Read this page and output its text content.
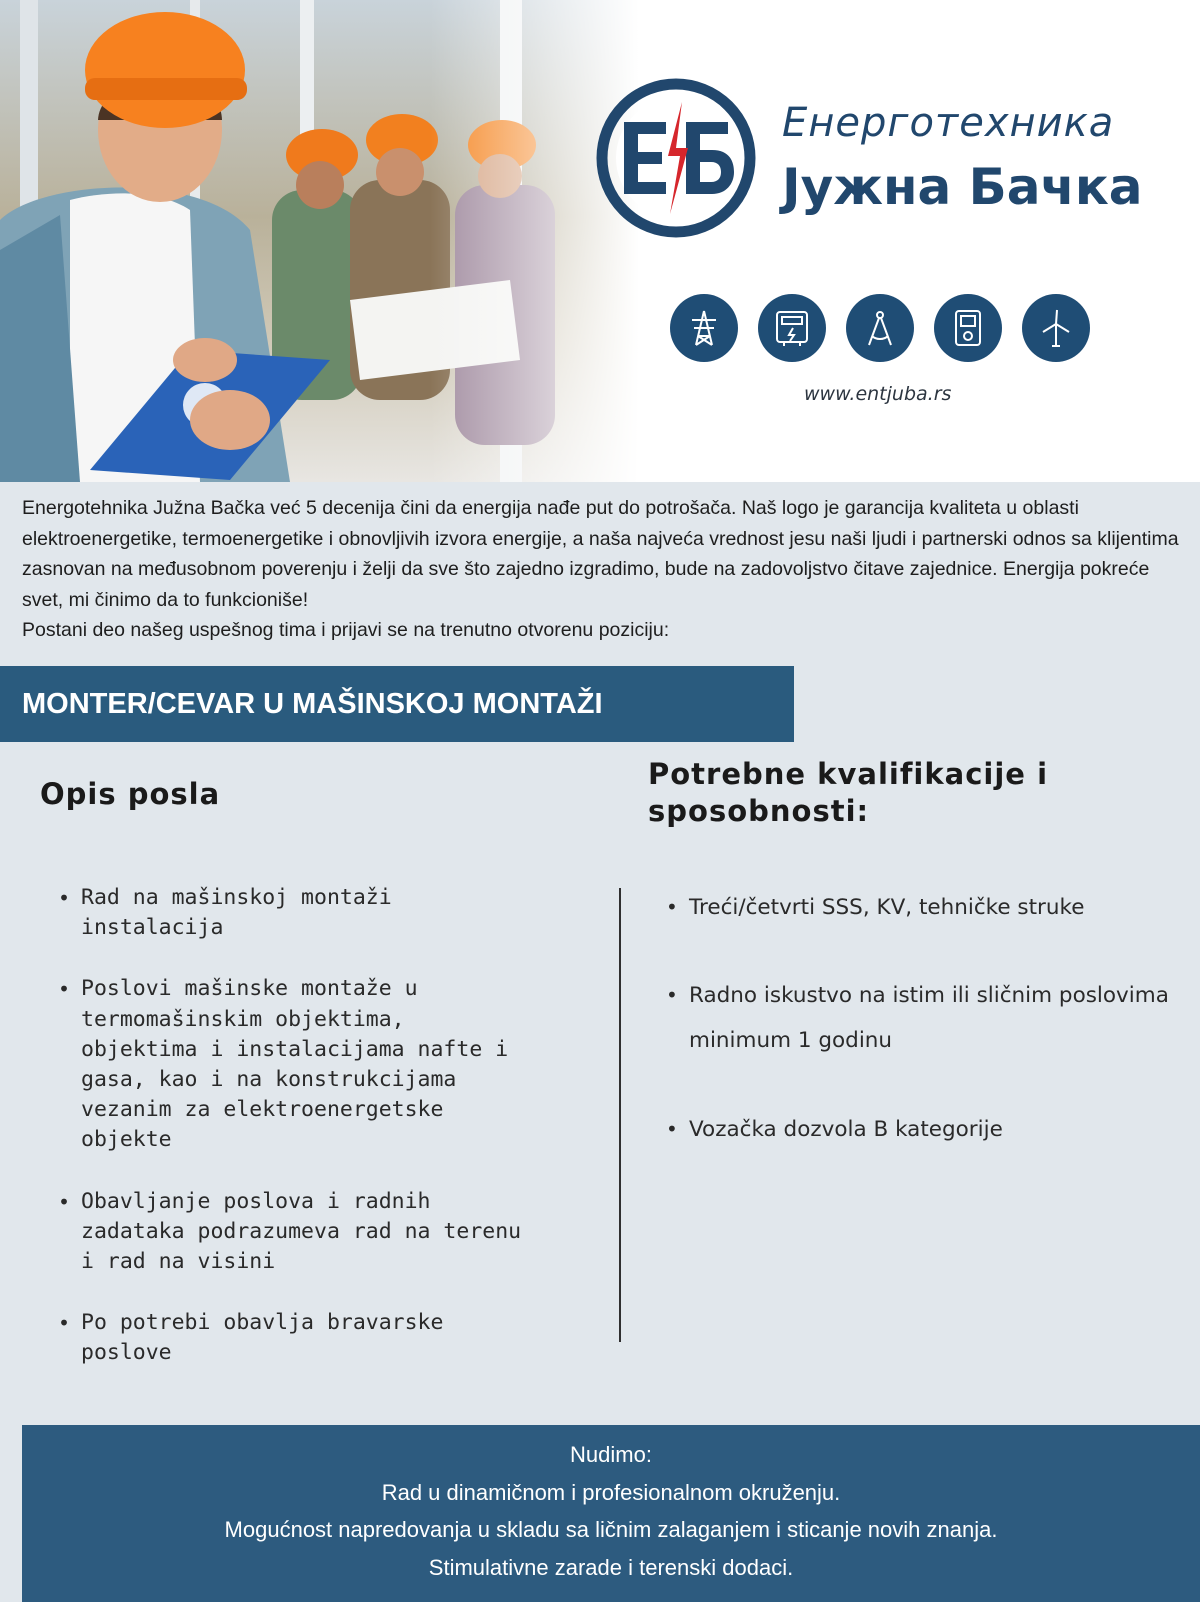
Енерготехника
Јужна Бачка
www.entjuba.rs

Energotehnika Južna Bačka već 5 decenija čini da energija nađe put do potrošača. Naš logo je garancija kvaliteta u oblasti elektroenergetike, termoenergetike i obnovljivih izvora energije, a naša najveća vrednost jesu naši ljudi i partnerski odnos sa klijentima zasnovan na međusobnom poverenju i želji da sve što zajedno izgradimo, bude na zadovoljstvo čitave zajednice. Energija pokreće svet, mi činimo da to funkcioniše!

Postani deo našeg uspešnog tima i prijavi se na trenutno otvorenu poziciju:

MONTER/CEVAR U MAŠINSKOJ MONTAŽI
Opis posla
• Rad na mašinskoj montaži instalacija
• Poslovi mašinske montaže u termomašinskim objektima, objektima i instalacijama nafte i gasa, kao i na konstrukcijama vezanim za elektroenergetske objekte
• Obavljanje poslova i radnih zadataka podrazumeva rad na terenu i rad na visini
• Po potrebi obavlja bravarske poslove
Potrebne kvalifikacije i sposobnosti:
• Treći/četvrti SSS, KV, tehničke struke
• Radno iskustvo na istim ili sličnim poslovima minimum 1 godinu
• Vozačka dozvola B kategorije
Nudimo:
Rad u dinamičnom i profesionalnom okruženju.
Mogućnost napredovanja u skladu sa ličnim zalaganjem i sticanje novih znanja.
Stimulativne zarade i terenski dodaci.
